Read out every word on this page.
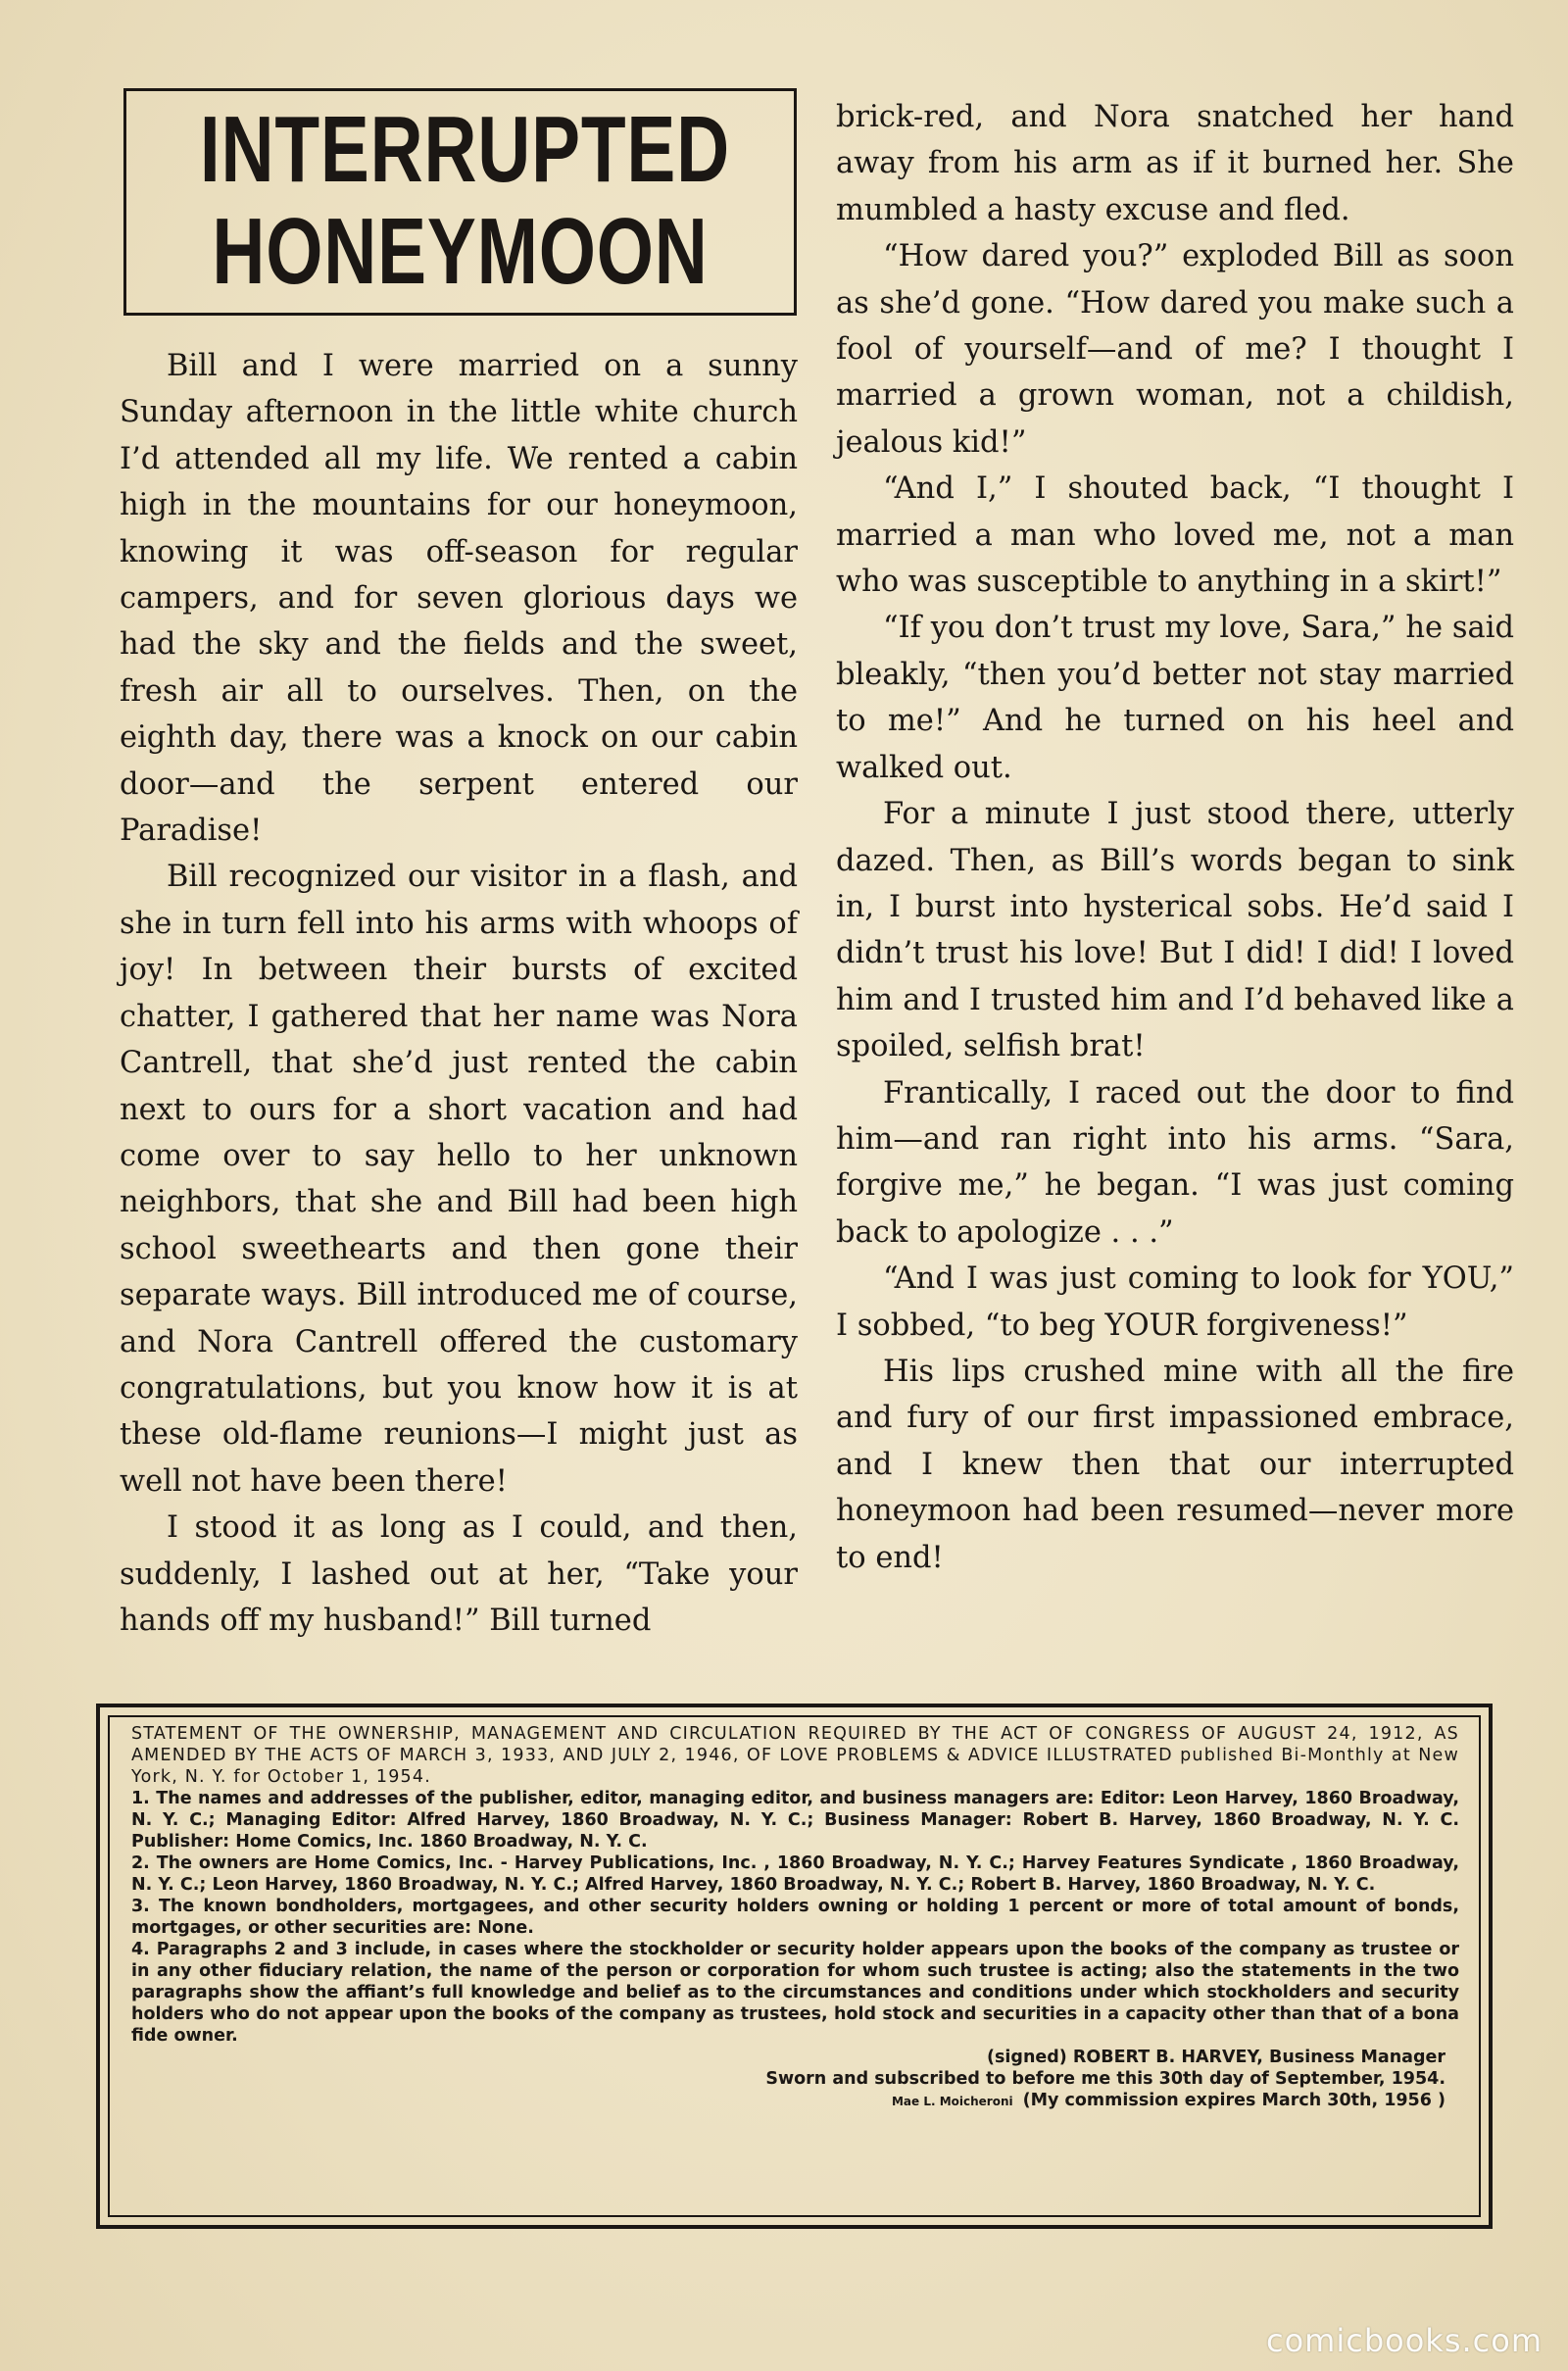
INTERRUPTED
HONEYMOON

Bill and I were married on a sunny Sunday afternoon in the little white church I’d attended all my life. We rented a cabin high in the mountains for our honeymoon, knowing it was off-season for regular campers, and for seven glorious days we had the sky and the fields and the sweet, fresh air all to ourselves. Then, on the eighth day, there was a knock on our cabin door—and the serpent entered our Paradise!

Bill recognized our visitor in a flash, and she in turn fell into his arms with whoops of joy! In between their bursts of excited chatter, I gathered that her name was Nora Cantrell, that she’d just rented the cabin next to ours for a short vacation and had come over to say hello to her unknown neighbors, that she and Bill had been high school sweethearts and then gone their separate ways. Bill introduced me of course, and Nora Cantrell offered the customary congratulations, but you know how it is at these old-flame reunions—I might just as well not have been there!

I stood it as long as I could, and then, suddenly, I lashed out at her, “Take your hands off my husband!” Bill turned

brick-red, and Nora snatched her hand away from his arm as if it burned her. She mumbled a hasty excuse and fled.

“How dared you?” exploded Bill as soon as she’d gone. “How dared you make such a fool of yourself—and of me? I thought I married a grown woman, not a childish, jealous kid!”

“And I,” I shouted back, “I thought I married a man who loved me, not a man who was susceptible to anything in a skirt!”

“If you don’t trust my love, Sara,” he said bleakly, “then you’d better not stay married to me!” And he turned on his heel and walked out.

For a minute I just stood there, utterly dazed. Then, as Bill’s words began to sink in, I burst into hysterical sobs. He’d said I didn’t trust his love! But I did! I did! I loved him and I trusted him and I’d behaved like a spoiled, selfish brat!

Frantically, I raced out the door to find him—and ran right into his arms. “Sara, forgive me,” he began. “I was just coming back to apologize . . .”

“And I was just coming to look for YOU,” I sobbed, “to beg YOUR forgiveness!”

His lips crushed mine with all the fire and fury of our first impassioned embrace, and I knew then that our interrupted honeymoon had been resumed—never more to end!

STATEMENT OF THE OWNERSHIP, MANAGEMENT AND CIRCULATION REQUIRED BY THE ACT OF CONGRESS OF AUGUST 24, 1912, AS AMENDED BY THE ACTS OF MARCH 3, 1933, AND JULY 2, 1946, OF LOVE PROBLEMS & ADVICE ILLUSTRATED published Bi-Monthly at New York, N. Y. for October 1, 1954.

1. The names and addresses of the publisher, editor, managing editor, and business managers are: Editor: Leon Harvey, 1860 Broadway, N. Y. C.; Managing Editor: Alfred Harvey, 1860 Broadway, N. Y. C.; Business Manager: Robert B. Harvey, 1860 Broadway, N. Y. C. Publisher: Home Comics, Inc. 1860 Broadway, N. Y. C.

2. The owners are Home Comics, Inc. - Harvey Publications, Inc. , 1860 Broadway, N. Y. C.; Harvey Features Syndicate , 1860 Broadway, N. Y. C.; Leon Harvey, 1860 Broadway, N. Y. C.; Alfred Harvey, 1860 Broadway, N. Y. C.; Robert B. Harvey, 1860 Broadway, N. Y. C.

3. The known bondholders, mortgagees, and other security holders owning or holding 1 percent or more of total amount of bonds, mortgages, or other securities are: None.

4. Paragraphs 2 and 3 include, in cases where the stockholder or security holder appears upon the books of the company as trustee or in any other fiduciary relation, the name of the person or corporation for whom such trustee is acting; also the statements in the two paragraphs show the affiant’s full knowledge and belief as to the circumstances and conditions under which stockholders and security holders who do not appear upon the books of the company as trustees, hold stock and securities in a capacity other than that of a bona fide owner.

(signed) ROBERT B. HARVEY, Business Manager

Sworn and subscribed to before me this 30th day of September, 1954.

Mae L. Moicheroni (My commission expires March 30th, 1956 )

comicbooks.com
